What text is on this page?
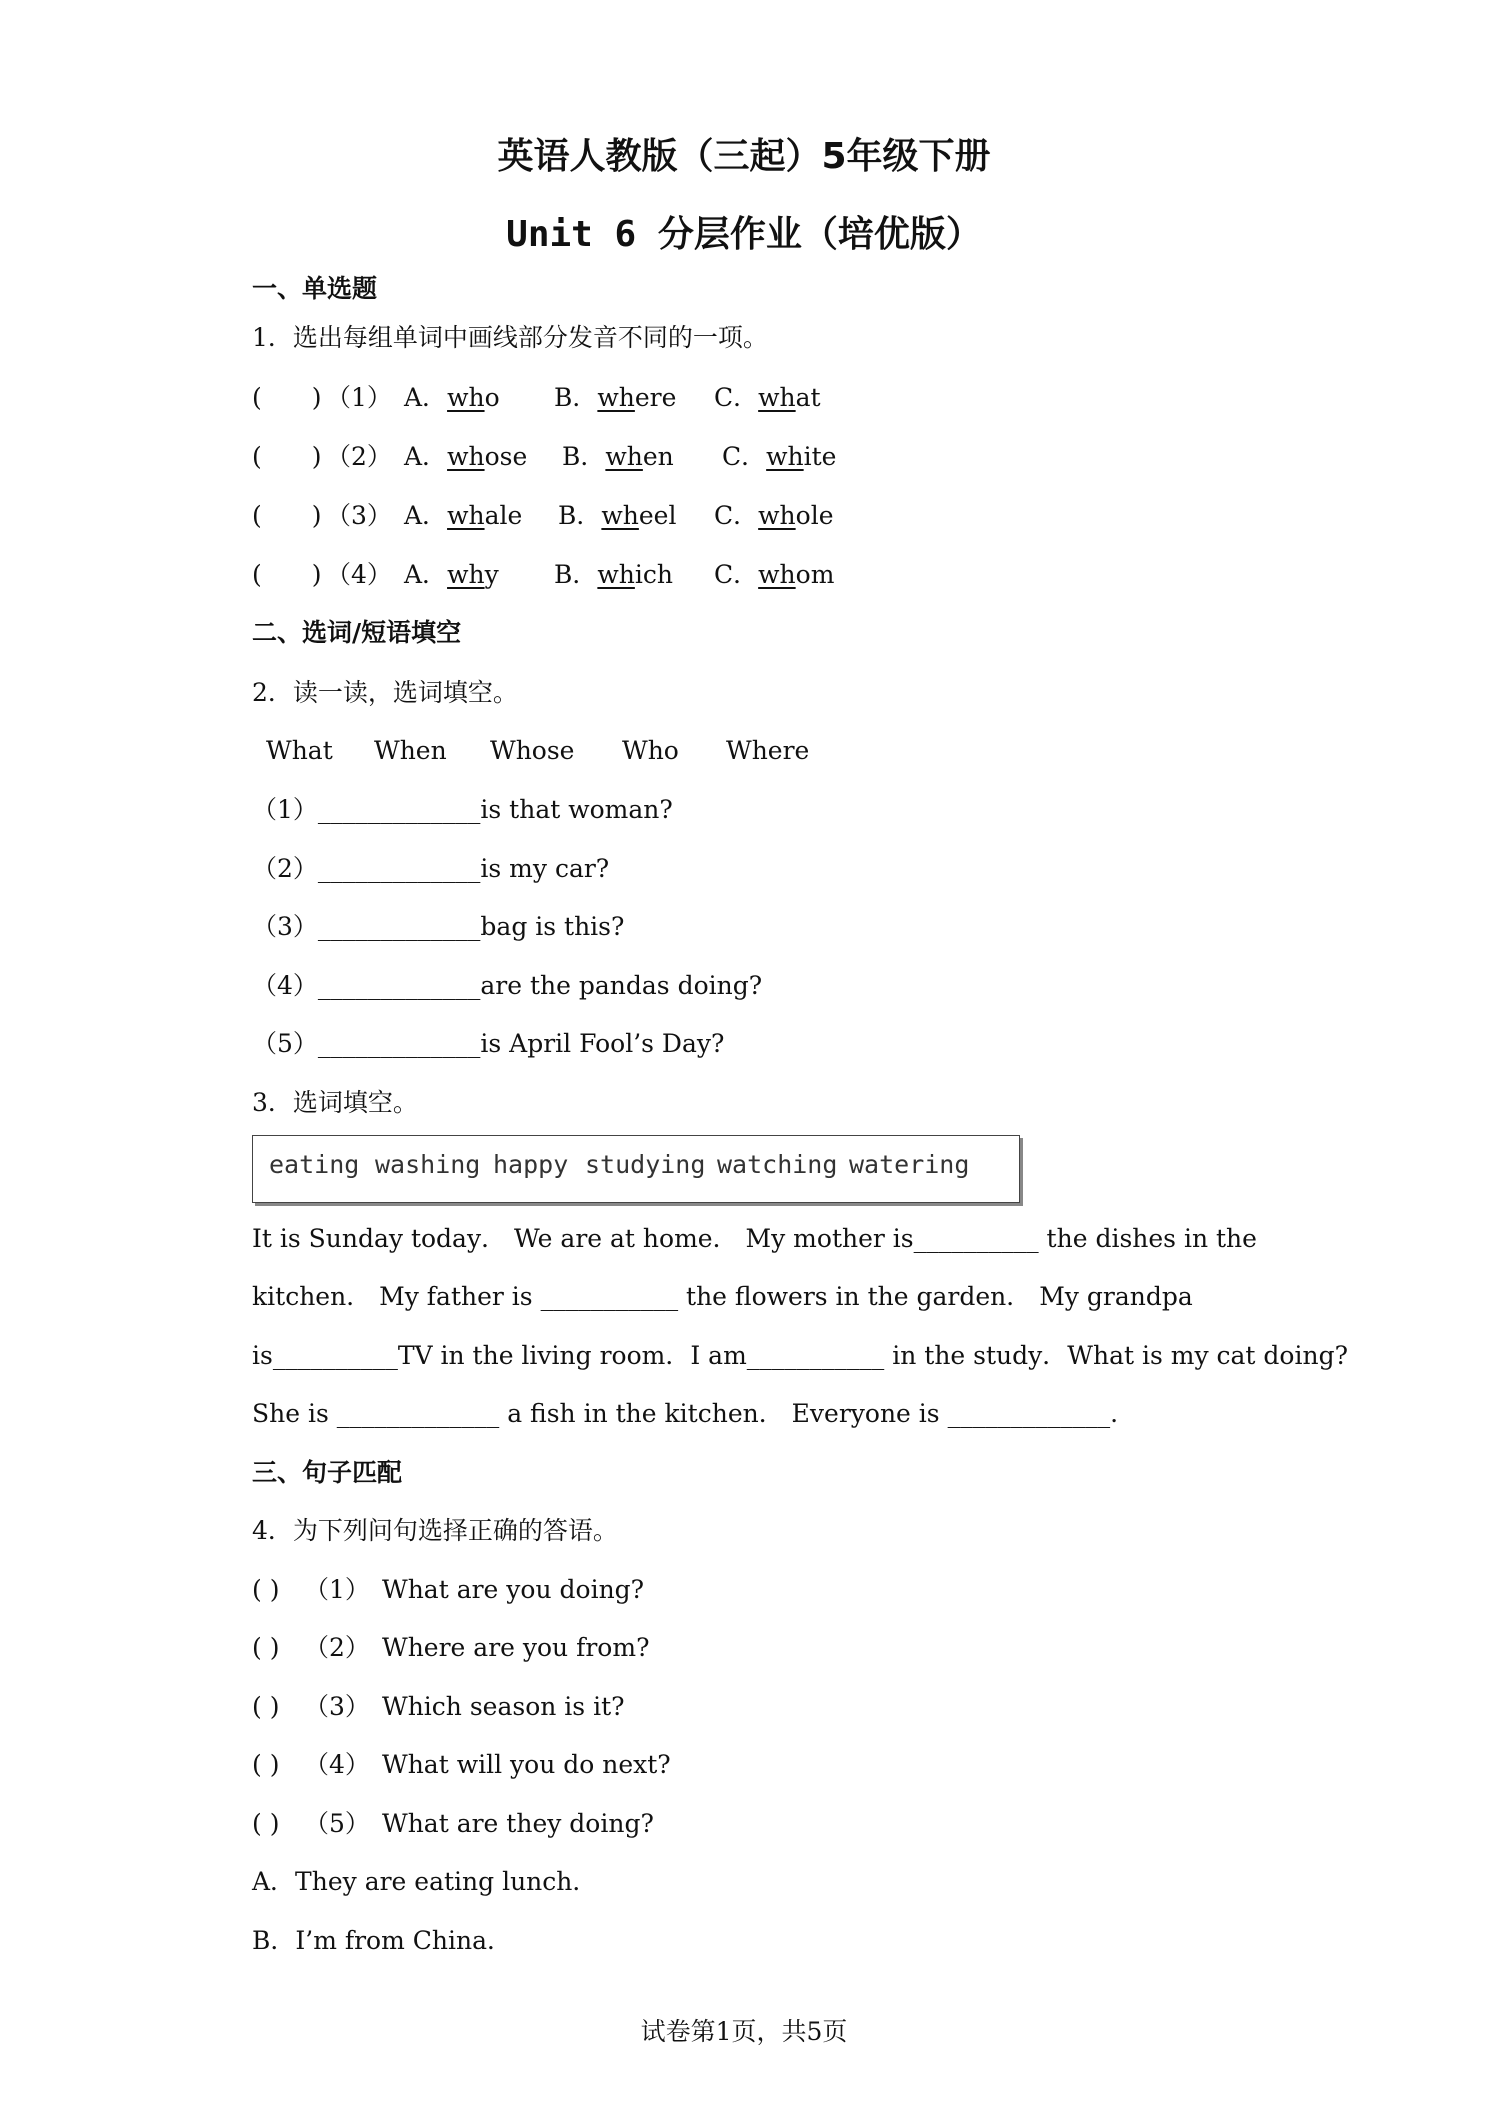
英语人教版（三起）5年级下册
Unit 6 分层作业（培优版）
一、单选题
1．选出每组单词中画线部分发音不同的一项。
(　　) （1） A．who B．where C．what
(　　) （2） A．whose B．when C．white
(　　) （3） A．whale B．wheel C．whole
(　　) （4） A．why B．which C．whom
二、选词/短语填空
2．读一读，选词填空。
What When Whose Who Where
（1）_____________is that woman?
（2）_____________is my car?
（3）_____________bag is this?
（4）_____________are the pandas doing?
（5）_____________is April Fool’s Day?
3．选词填空。
eating washing happy studying watching watering
It is Sunday today． We are at home． My mother is__________ the dishes in the
kitchen． My father is ___________ the flowers in the garden． My grandpa
is__________TV in the living room．I am___________ in the study．What is my cat doing?
She is _____________ a fish in the kitchen． Everyone is _____________.
三、句子匹配
4．为下列问句选择正确的答语。
( ) （1） What are you doing?
( ) （2） Where are you from?
( ) （3） Which season is it?
( ) （4） What will you do next?
( ) （5） What are they doing?
A．They are eating lunch．
B．I’m from China．
试卷第1页，共5页
